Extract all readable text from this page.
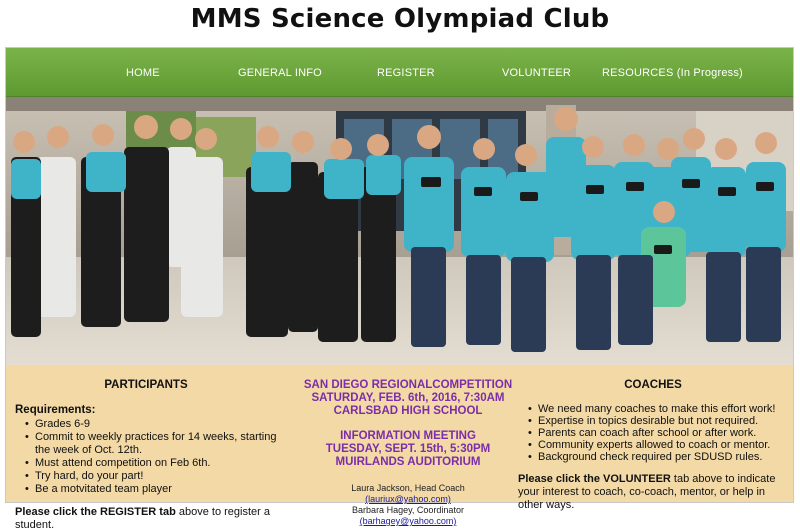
MMS Science Olympiad Club
HOME	GENERAL INFO	REGISTER	VOLUNTEER	RESOURCES (In Progress)
PARTICIPANTS
Requirements:
• Grades 6-9
• Commit to weekly practices for 14 weeks, starting the week of Oct. 12th.
• Must attend competition on Feb 6th.
• Try hard, do your part!
• Be a motvitated team player
Please click the REGISTER tab above to register a student.
SAN DIEGO REGIONALCOMPETITION
SATURDAY, FEB. 6th, 2016, 7:30AM
CARLSBAD HIGH SCHOOL
INFORMATION MEETING
TUESDAY, SEPT. 15th, 5:30PM
MUIRLANDS AUDITORIUM
Laura Jackson, Head Coach
(lauriux@yahoo.com)
Barbara Hagey, Coordinator
(barhagey@yahoo.com)
COACHES
• We need many coaches to make this effort work!
• Expertise in topics desirable but not required.
• Parents can coach after school or after work.
• Community experts allowed to coach or mentor.
• Background check required per SDUSD rules.
Please click the VOLUNTEER tab above to indicate your interest to coach, co-coach, mentor, or help in other ways.
